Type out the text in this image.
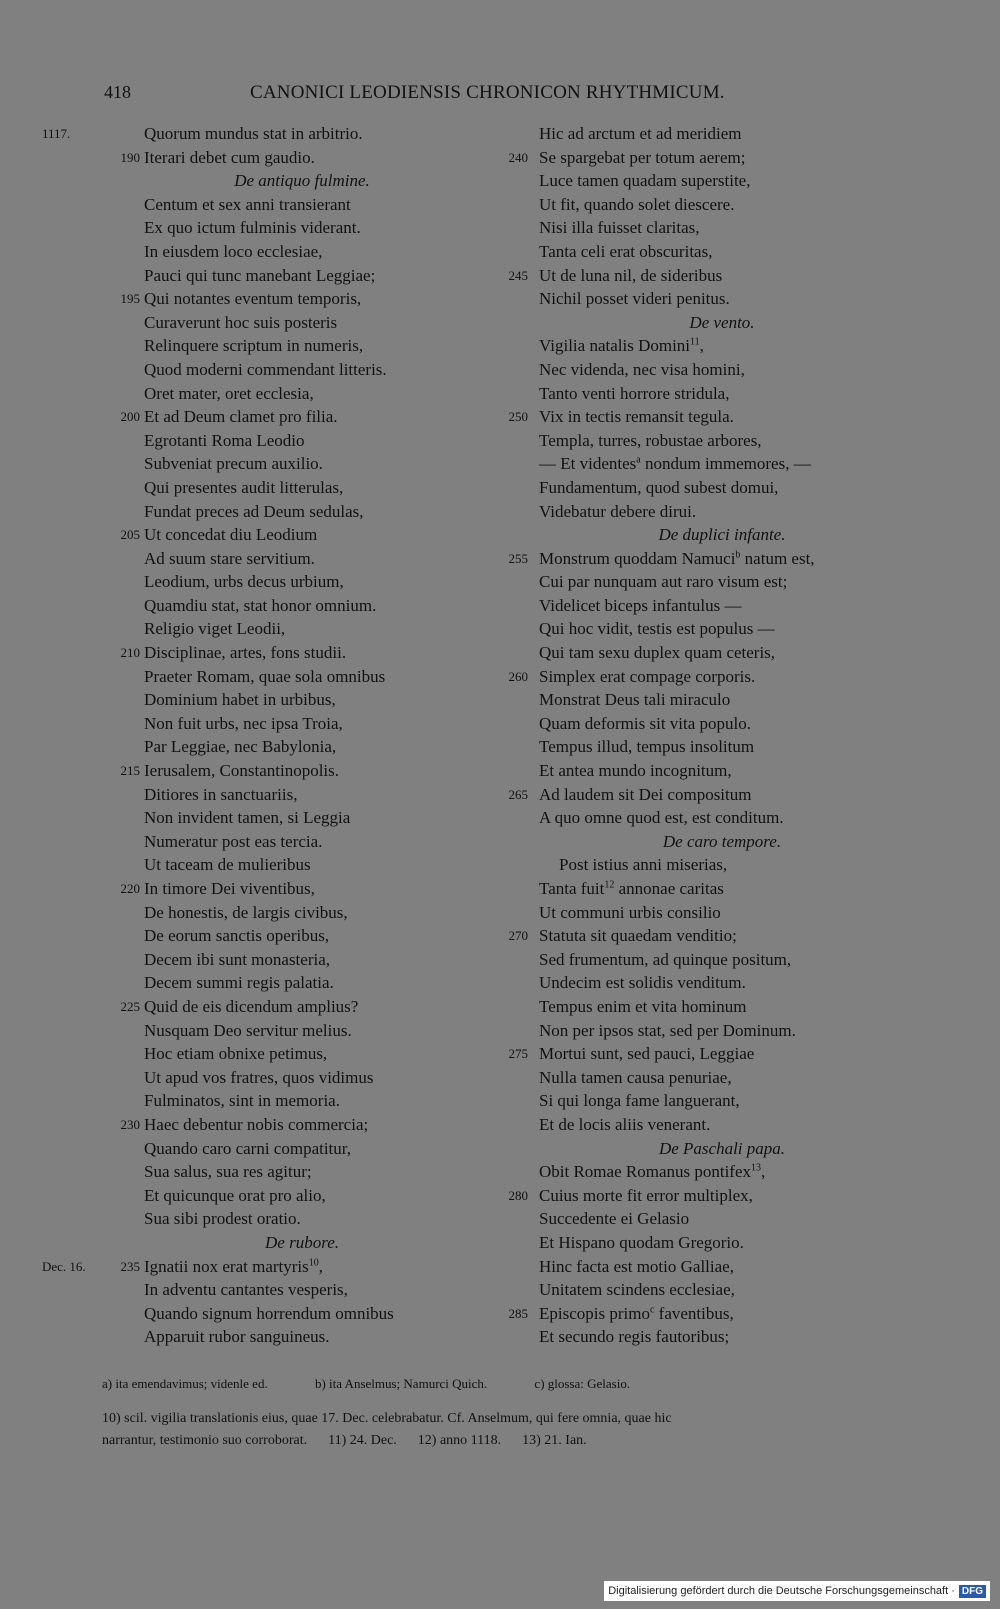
418	CANONICI LEODIENSIS CHRONICON RHYTHMICUM.
1117.	Quorum mundus stat in arbitrio.
190 Iterari debet cum gaudio.
De antiquo fulmine.
Centum et sex anni transierant
Ex quo ictum fulminis viderant.
In eiusdem loco ecclesiae,
Pauci qui tunc manebant Leggiae;
195 Qui notantes eventum temporis,
Curaverunt hoc suis posteris
Relinquere scriptum in numeris,
Quod moderni commendant litteris.
Oret mater, oret ecclesia,
200 Et ad Deum clamet pro filia.
Egrotanti Roma Leodio
Subveniat precum auxilio.
Qui presentes audit litterulas,
Fundat preces ad Deum sedulas,
205 Ut concedat diu Leodium
Ad suum stare servitium.
Leodium, urbs decus urbium,
Quamdiu stat, stat honor omnium.
Religio viget Leodii,
210 Disciplinae, artes, fons studii.
Praeter Romam, quae sola omnibus
Dominium habet in urbibus,
Non fuit urbs, nec ipsa Troia,
Par Leggiae, nec Babylonia,
215 Ierusalem, Constantinopolis.
Ditiores in sanctuariis,
Non invident tamen, si Leggia
Numeratur post eas tercia.
Ut taceam de mulieribus
220 In timore Dei viventibus,
De honestis, de largis civibus,
De eorum sanctis operibus,
Decem ibi sunt monasteria,
Decem summi regis palatia.
225 Quid de eis dicendum amplius?
Nusquam Deo servitur melius.
Hoc etiam obnixe petimus,
Ut apud vos fratres, quos vidimus
Fulminatos, sint in memoria.
230 Haec debentur nobis commercia;
Quando caro carni compatitur,
Sua salus, sua res agitur;
Et quicunque orat pro alio,
Sua sibi prodest oratio.
De rubore.
Dec. 16.	235 Ignatii nox erat martyris$^{10}$,
In adventu cantantes vesperis,
Quando signum horrendum omnibus
Apparuit rubor sanguineus.
Hic ad arctum et ad meridiem
240 Se spargebat per totum aerem;
Luce tamen quadam superstite,
Ut fit, quando solet diescere.
Nisi illa fuisset claritas,
Tanta celi erat obscuritas,
245 Ut de luna nil, de sideribus
Nichil posset videri penitus.
De vento.
Vigilia natalis Domini$^{11}$,
Nec videnda, nec visa homini,
Tanto venti horrore stridula,
250 Vix in tectis remansit tegula.
Templa, turres, robustae arbores,
— Et videntes$^a$ nondum immemores, —
Fundamentum, quod subest domui,
Videbatur debere dirui.
De duplici infante.
255 Monstrum quoddam Namuci$^b$ natum est,
Cui par nunquam aut raro visum est;
Videlicet biceps infantulus —
Qui hoc vidit, testis est populus —
Qui tam sexu duplex quam ceteris,
260 Simplex erat compage corporis.
Monstrat Deus tali miraculo
Quam deformis sit vita populo.
Tempus illud, tempus insolitum
Et antea mundo incognitum,
265 Ad laudem sit Dei compositum
A quo omne quod est, est conditum.
De caro tempore.
Post istius anni miserias,
Tanta fuit$^{12}$ annonae caritas
Ut communi urbis consilio
270 Statuta sit quaedam venditio;
Sed frumentum, ad quinque positum,
Undecim est solidis venditum.
Tempus enim et vita hominum
Non per ipsos stat, sed per Dominum.
275 Mortui sunt, sed pauci, Leggiae
Nulla tamen causa penuriae,
Si qui longa fame languerant,
Et de locis aliis venerant.
De Paschali papa.
Obit Romae Romanus pontifex$^{13}$,
280 Cuius morte fit error multiplex,
Succedente ei Gelasio
Et Hispano quodam Gregorio.
Hinc facta est motio Galliae,
Unitatem scindens ecclesiae,
285 Episcopis primo$^c$ faventibus,
Et secundo regis fautoribus;
a) ita emendavimus; videnle ed.	b) ita Anselmus; Namurci Quich.	c) glossa: Gelasio.
10) scil. vigilia translationis eius, quae 17. Dec. celebrabatur. Cf. Anselmum, qui fere omnia, quae hic
narrantur, testimonio suo corroborat.      11) 24. Dec.      12) anno 1118.      13) 21. Ian.
Digitalisierung gefördert durch die Deutsche Forschungsgemeinschaft · DFG
